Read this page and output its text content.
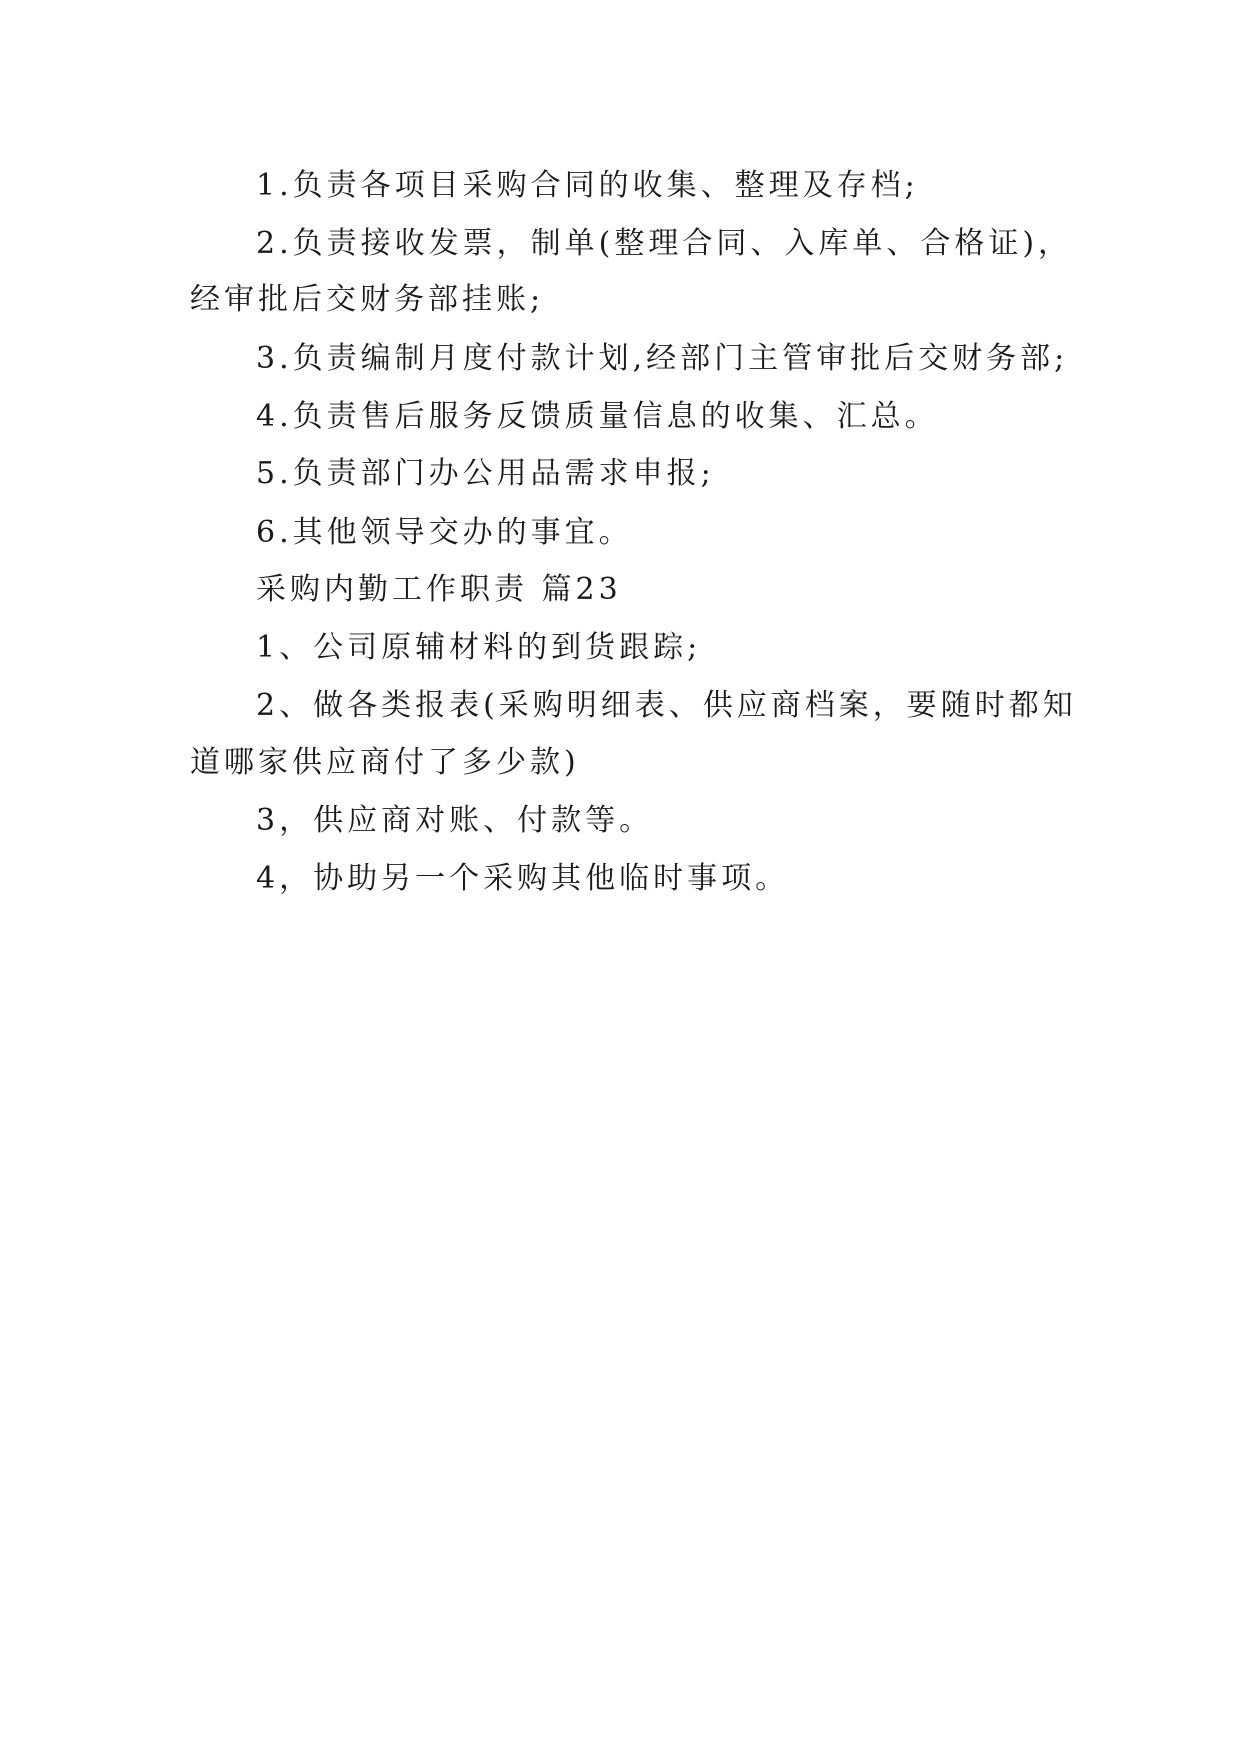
1.负责各项目采购合同的收集、整理及存档;
2.负责接收发票，制单(整理合同、入库单、合格证)，
经审批后交财务部挂账;
3.负责编制月度付款计划,经部门主管审批后交财务部;
4.负责售后服务反馈质量信息的收集、汇总。
5.负责部门办公用品需求申报;
6.其他领导交办的事宜。
采购内勤工作职责 篇23
1、公司原辅材料的到货跟踪;
2、做各类报表(采购明细表、供应商档案，要随时都知
道哪家供应商付了多少款)
3，供应商对账、付款等。
4，协助另一个采购其他临时事项。
